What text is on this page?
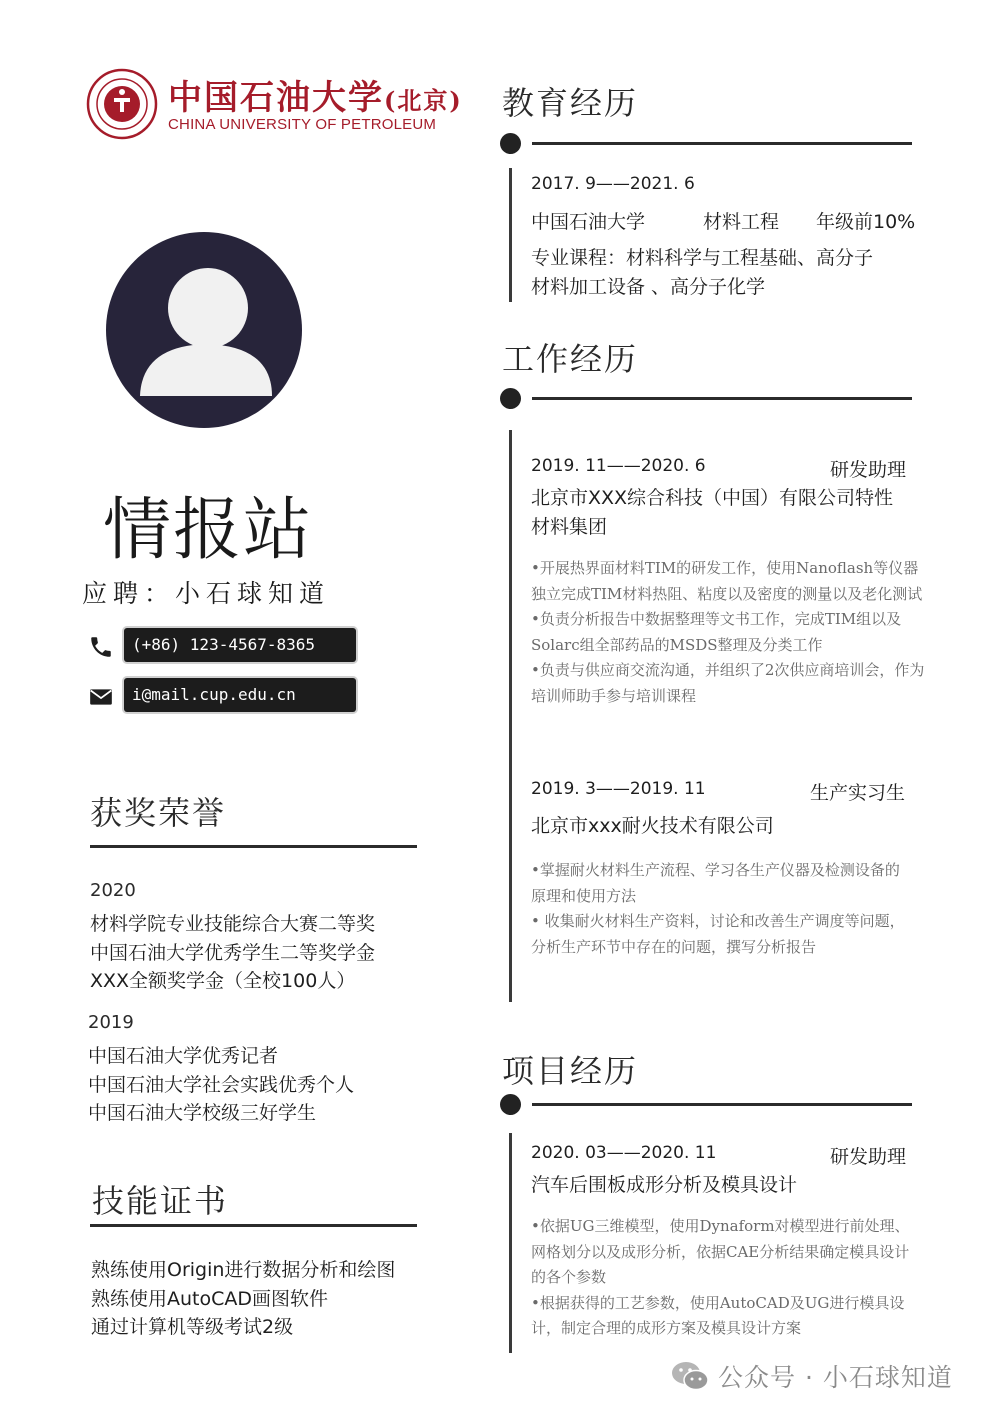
中国石油大学(北京)
CHINA UNIVERSITY OF PETROLEUM
情报站
应聘：小石球知道
(+86) 123-4567-8365
i@mail.cup.edu.cn
获奖荣誉
2020
材料学院专业技能综合大赛二等奖
中国石油大学优秀学生二等奖学金
XXX全额奖学金（全校100人）
2019
中国石油大学优秀记者
中国石油大学社会实践优秀个人
中国石油大学校级三好学生
技能证书
熟练使用Origin进行数据分析和绘图
熟练使用AutoCAD画图软件
通过计算机等级考试2级
教育经历
2017. 9——2021. 6
中国石油大学	材料工程 年级前10%
专业课程：材料科学与工程基础、高分子
材料加工设备 、高分子化学
工作经历
2019. 11——2020. 6	研发助理
北京市XXX综合科技（中国）有限公司特性
材料集团
•开展热界面材料TIM的研发工作，使用Nanoflash等仪器独立完成TIM材料热阻、粘度以及密度的测量以及老化测试
•负责分析报告中数据整理等文书工作，完成TIM组以及Solarc组全部药品的MSDS整理及分类工作
•负责与供应商交流沟通，并组织了2次供应商培训会，作为培训师助手参与培训课程
2019. 3——2019. 11	生产实习生
北京市xxx耐火技术有限公司
•掌握耐火材料生产流程、学习各生产仪器及检测设备的原理和使用方法
• 收集耐火材料生产资料，讨论和改善生产调度等问题，分析生产环节中存在的问题，撰写分析报告
项目经历
2020. 03——2020. 11	研发助理
汽车后围板成形分析及模具设计
•依据UG三维模型，使用Dynaform对模型进行前处理、网格划分以及成形分析，依据CAE分析结果确定模具设计的各个参数
•根据获得的工艺参数，使用AutoCAD及UG进行模具设计，制定合理的成形方案及模具设计方案
公众号 · 小石球知道
